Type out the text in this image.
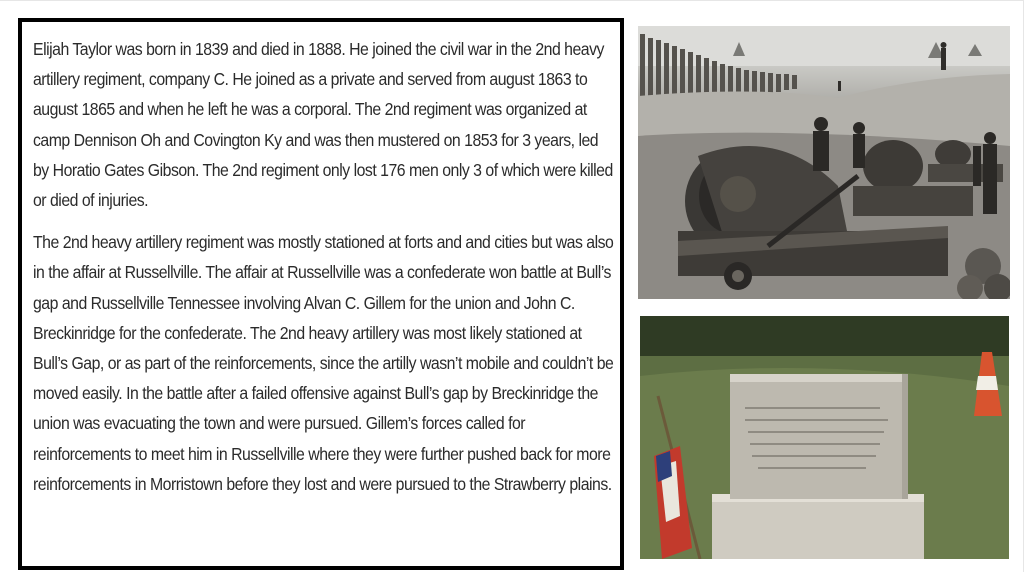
Elijah Taylor was born in 1839 and died in 1888. He joined the civil war in the 2nd heavy artillery regiment, company C. He joined as a private and served from august 1863 to august 1865 and when he left he was a corporal. The 2nd regiment was organized at camp Dennison Oh and Covington Ky and was then mustered on 1853 for 3 years, led by Horatio Gates Gibson. The 2nd regiment only lost 176 men only 3 of which were killed or died of injuries.

The 2nd heavy artillery regiment was mostly stationed at forts and and cities but was also in the affair at Russellville. The affair at Russellville was a confederate won battle at Bull’s gap and Russellville Tennessee involving Alvan C. Gillem for the union and John C. Breckinridge for the confederate. The 2nd heavy artillery was most likely stationed at Bull’s Gap, or as part of the reinforcements, since the artilly wasn’t mobile and couldn’t be moved easily. In the battle after a failed offensive against Bull’s gap by Breckinridge the union was evacuating the town and were pursued. Gillem’s forces called for reinforcements to meet him in Russellville where they were further pushed back for more reinforcements in Morristown before they lost and were pursued to the Strawberry plains.
